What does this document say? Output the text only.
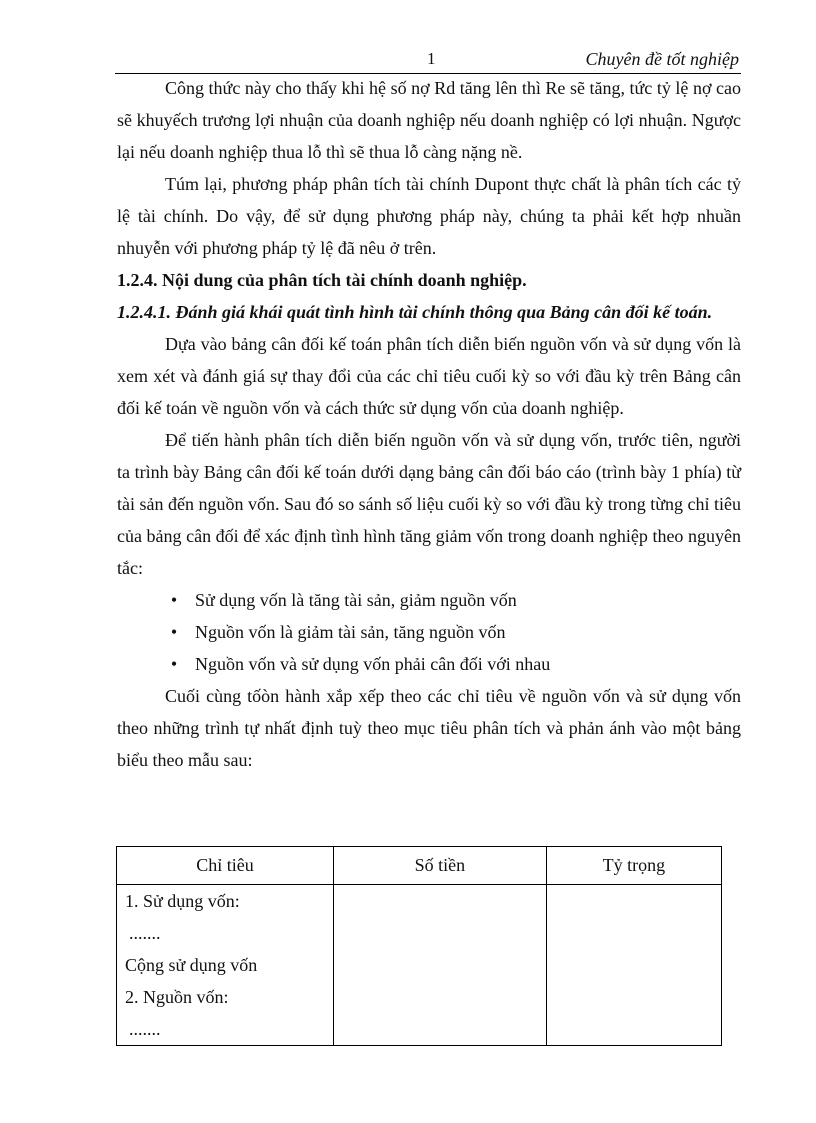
1	Chuyên đề tốt nghiệp

Công thức này cho thấy khi hệ số nợ Rd tăng lên thì Re sẽ tăng, tức tỷ lệ nợ cao sẽ khuyếch trương lợi nhuận của doanh nghiệp nếu doanh nghiệp có lợi nhuận. Ngược lại nếu doanh nghiệp thua lỗ thì sẽ thua lỗ càng nặng nề.

Túm lại, phương pháp phân tích tài chính Dupont thực chất là phân tích các tỷ lệ tài chính. Do vậy, để sử dụng phương pháp này, chúng ta phải kết hợp nhuần nhuyễn với phương pháp tỷ lệ đã nêu ở trên.

1.2.4. Nội dung của phân tích tài chính doanh nghiệp.

1.2.4.1. Đánh giá khái quát tình hình tài chính thông qua Bảng cân đối kế toán.

Dựa vào bảng cân đối kế toán phân tích diễn biến nguồn vốn và sử dụng vốn là xem xét và đánh giá sự thay đổi của các chỉ tiêu cuối kỳ so với đầu kỳ trên Bảng cân đối kế toán về nguồn vốn và cách thức sử dụng vốn của doanh nghiệp.

Để tiến hành phân tích diễn biến nguồn vốn và sử dụng vốn, trước tiên, người ta trình bày Bảng cân đối kế toán dưới dạng bảng cân đối báo cáo (trình bày 1 phía) từ tài sản đến nguồn vốn. Sau đó so sánh số liệu cuối kỳ so với đầu kỳ trong từng chỉ tiêu của bảng cân đối để xác định tình hình tăng giảm vốn trong doanh nghiệp theo nguyên tắc:

• Sử dụng vốn là tăng tài sản, giảm nguồn vốn
• Nguồn vốn là giảm tài sản, tăng nguồn vốn
• Nguồn vốn và sử dụng vốn phải cân đối với nhau

Cuối cùng tốòn hành xắp xếp theo các chỉ tiêu về nguồn vốn và sử dụng vốn theo những trình tự nhất định tuỳ theo mục tiêu phân tích và phản ánh vào một bảng biểu theo mẫu sau:

Chỉ tiêu	Số tiền	Tỷ trọng

1. Sử dụng vốn:
.......
Cộng sử dụng vốn
2. Nguồn vốn:
.......		
